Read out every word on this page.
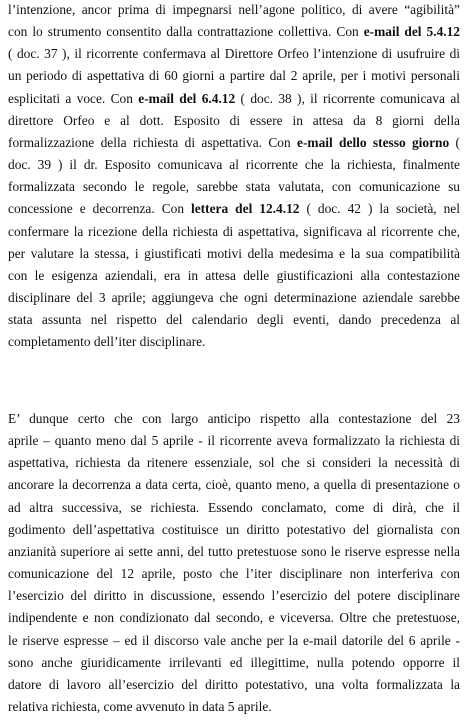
l’intenzione, ancor prima di impegnarsi nell’agone politico, di avere “agibilità”
con lo strumento consentito dalla contrattazione collettiva. Con e-mail del 5.4.12
( doc. 37 ), il ricorrente confermava al Direttore Orfeo l’intenzione di usufruire di
un periodo di aspettativa di 60 giorni a partire dal 2 aprile, per i motivi personali
esplicitati a voce. Con e-mail del 6.4.12 ( doc. 38 ), il ricorrente comunicava al
direttore Orfeo e al dott. Esposito di essere in attesa da 8 giorni della
formalizzazione della richiesta di aspettativa. Con e-mail dello stesso giorno (
doc. 39 ) il dr. Esposito comunicava al ricorrente che la richiesta, finalmente
formalizzata secondo le regole, sarebbe stata valutata, con comunicazione su
concessione e decorrenza. Con lettera del 12.4.12 ( doc. 42 ) la società, nel
confermare la ricezione della richiesta di aspettativa, significava al ricorrente che,
per valutare la stessa, i giustificati motivi della medesima e la sua compatibilità
con le esigenza aziendali, era in attesa delle giustificazioni alla contestazione
disciplinare del 3 aprile; aggiungeva che ogni determinazione aziendale sarebbe
stata assunta nel rispetto del calendario degli eventi, dando precedenza al
completamento dell’iter disciplinare.
E’ dunque certo che con largo anticipo rispetto alla contestazione del 23
aprile – quanto meno dal 5 aprile - il ricorrente aveva formalizzato la richiesta di
aspettativa, richiesta da ritenere essenziale, sol che si consideri la necessità di
ancorare la decorrenza a data certa, cioè, quanto meno, a quella di presentazione o
ad altra successiva, se richiesta. Essendo conclamato, come di dirà, che il
godimento dell’aspettativa costituisce un diritto potestativo del giornalista con
anzianità superiore ai sette anni, del tutto pretestuose sono le riserve espresse nella
comunicazione del 12 aprile, posto che l’iter disciplinare non interferiva con
l’esercizio del diritto in discussione, essendo l’esercizio del potere disciplinare
indipendente e non condizionato dal secondo, e viceversa. Oltre che pretestuose,
le riserve espresse – ed il discorso vale anche per la e-mail datorile del 6 aprile -
sono anche giuridicamente irrilevanti ed illegittime, nulla potendo opporre il
datore di lavoro all’esercizio del diritto potestativo, una volta formalizzata la
relativa richiesta, come avvenuto in data 5 aprile.
